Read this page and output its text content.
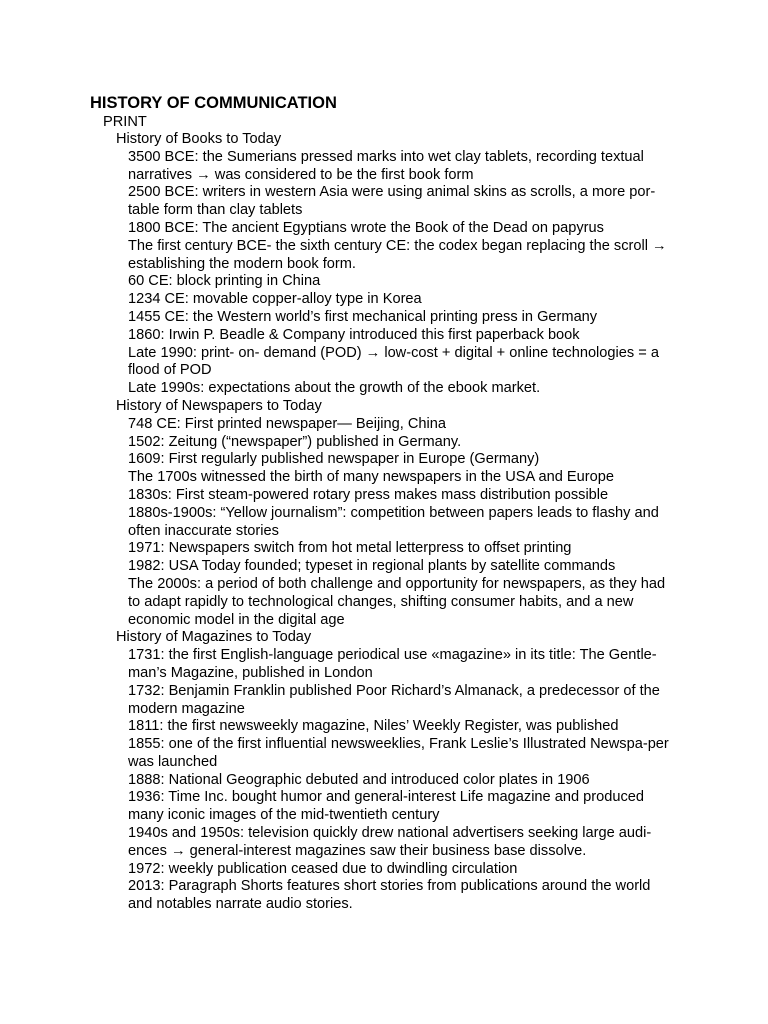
HISTORY OF COMMUNICATION
PRINT
History of Books to Today
3500 BCE: the Sumerians pressed marks into wet clay tablets, recording textual narratives → was considered to be the first book form
2500 BCE: writers in western Asia were using animal skins as scrolls, a more por-table form than clay tablets
1800 BCE: The ancient Egyptians wrote the Book of the Dead on papyrus
The first century BCE- the sixth century CE: the codex began replacing the scroll → establishing the modern book form.
60 CE: block printing in China
1234 CE: movable copper-alloy type in Korea
1455 CE: the Western world’s first mechanical printing press in Germany
1860: Irwin P. Beadle & Company introduced this first paperback book
Late 1990: print- on- demand (POD) → low-cost + digital + online technologies = a flood of POD
Late 1990s: expectations about the growth of the ebook market.
History of Newspapers to Today
748 CE: First printed newspaper— Beijing, China
1502: Zeitung (“newspaper”) published in Germany.
1609: First regularly published newspaper in Europe (Germany)
The 1700s witnessed the birth of many newspapers in the USA and Europe
1830s: First steam-powered rotary press makes mass distribution possible
1880s-1900s: “Yellow journalism”: competition between papers leads to flashy and often inaccurate stories
1971: Newspapers switch from hot metal letterpress to offset printing
1982: USA Today founded; typeset in regional plants by satellite commands
The 2000s: a period of both challenge and opportunity for newspapers, as they had to adapt rapidly to technological changes, shifting consumer habits, and a new economic model in the digital age
History of Magazines to Today
1731: the first English-language periodical use «magazine» in its title: The Gentle-man’s Magazine, published in London
1732: Benjamin Franklin published Poor Richard’s Almanack, a predecessor of the modern magazine
1811: the first newsweekly magazine, Niles’ Weekly Register, was published
1855: one of the first influential newsweeklies, Frank Leslie’s Illustrated Newspa-per was launched
1888: National Geographic debuted and introduced color plates in 1906
1936: Time Inc. bought humor and general-interest Life magazine and produced many iconic images of the mid-twentieth century
1940s and 1950s: television quickly drew national advertisers seeking large audi-ences → general-interest magazines saw their business base dissolve.
1972: weekly publication ceased due to dwindling circulation
2013: Paragraph Shorts features short stories from publications around the world and notables narrate audio stories.
